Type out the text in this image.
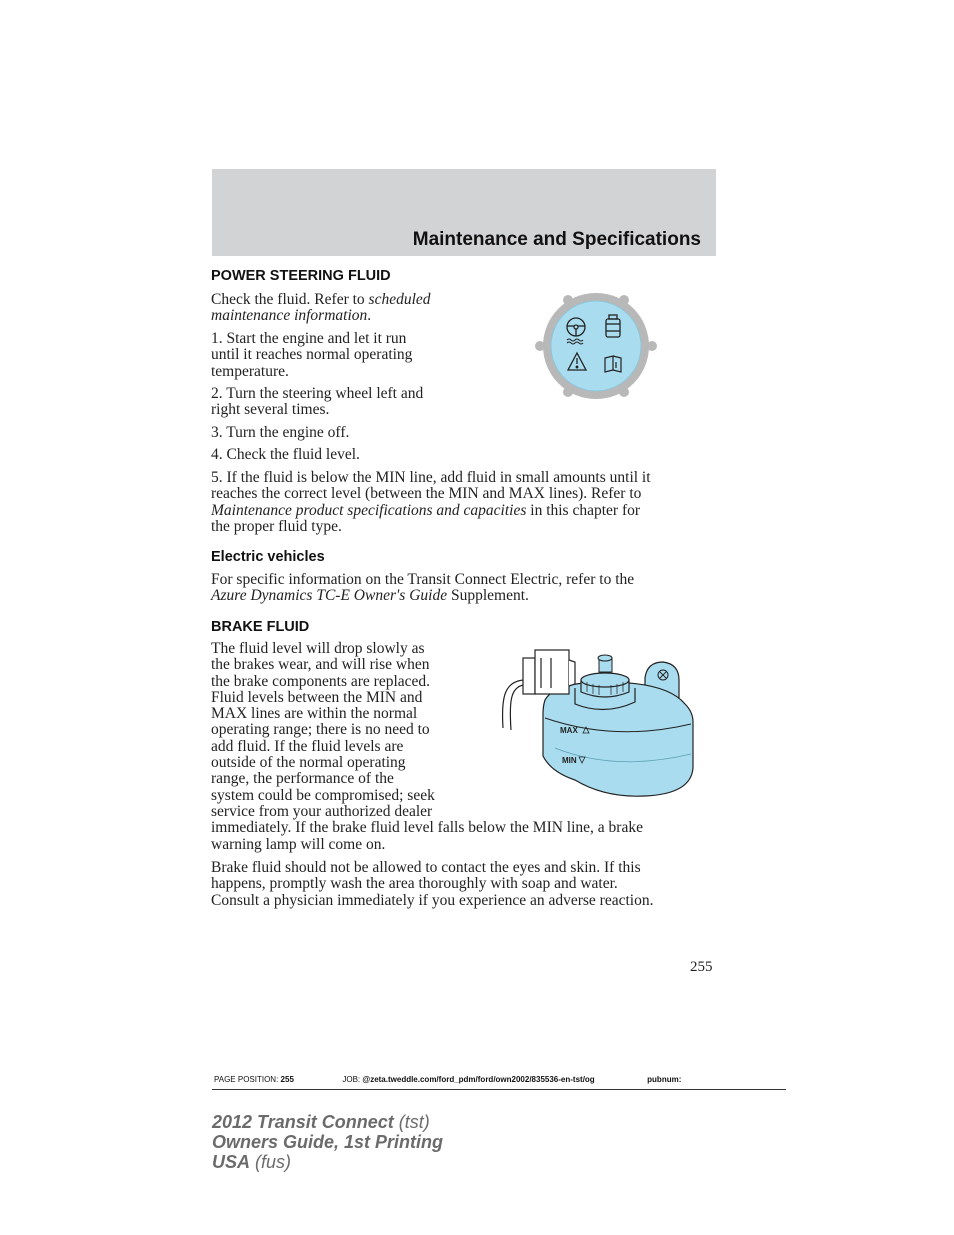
Maintenance and Specifications
POWER STEERING FLUID
Check the fluid. Refer to scheduled
maintenance information.
1. Start the engine and let it run
until it reaches normal operating
temperature.
2. Turn the steering wheel left and
right several times.
3. Turn the engine off.
4. Check the fluid level.
5. If the fluid is below the MIN line, add fluid in small amounts until it
reaches the correct level (between the MIN and MAX lines). Refer to
Maintenance product specifications and capacities in this chapter for
the proper fluid type.
Electric vehicles
For specific information on the Transit Connect Electric, refer to the
Azure Dynamics TC-E Owner's Guide Supplement.
BRAKE FLUID
The fluid level will drop slowly as
the brakes wear, and will rise when
the brake components are replaced.
Fluid levels between the MIN and
MAX lines are within the normal
operating range; there is no need to
add fluid. If the fluid levels are
outside of the normal operating
range, the performance of the
system could be compromised; seek
service from your authorized dealer
immediately. If the brake fluid level falls below the MIN line, a brake
warning lamp will come on.
Brake fluid should not be allowed to contact the eyes and skin. If this
happens, promptly wash the area thoroughly with soap and water.
Consult a physician immediately if you experience an adverse reaction.
MAX
MIN
255
PAGE POSITION: 255	JOB: @zeta.tweddle.com/ford_pdm/ford/own2002/835536-en-tst/og	pubnum:
2012 Transit Connect (tst)
Owners Guide, 1st Printing
USA (fus)
